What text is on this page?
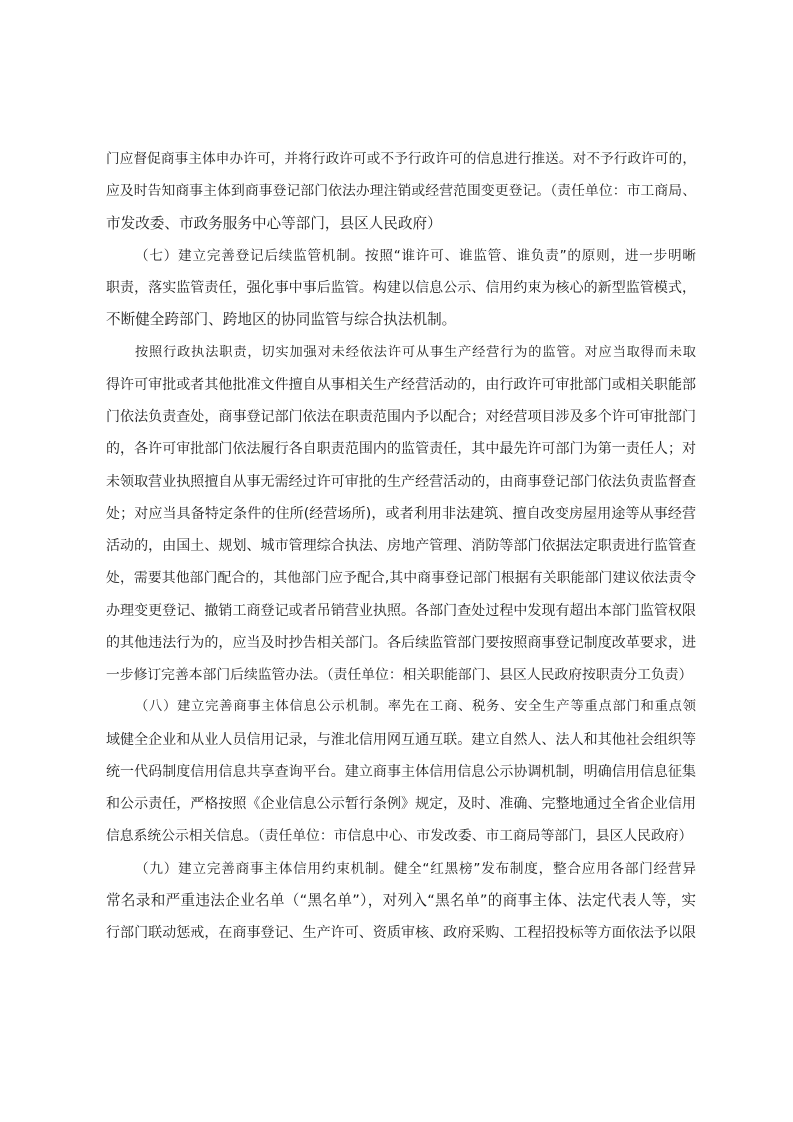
门应督促商事主体申办许可，并将行政许可或不予行政许可的信息进行推送。对不予行政许可的，
应及时告知商事主体到商事登记部门依法办理注销或经营范围变更登记。（责任单位：市工商局、
市发改委、市政务服务中心等部门，县区人民政府）
（七）建立完善登记后续监管机制。按照“谁许可、谁监管、谁负责”的原则，进一步明晰
职责，落实监管责任，强化事中事后监管。构建以信息公示、信用约束为核心的新型监管模式，
不断健全跨部门、跨地区的协同监管与综合执法机制。
按照行政执法职责，切实加强对未经依法许可从事生产经营行为的监管。对应当取得而未取
得许可审批或者其他批准文件擅自从事相关生产经营活动的，由行政许可审批部门或相关职能部
门依法负责查处，商事登记部门依法在职责范围内予以配合；对经营项目涉及多个许可审批部门
的，各许可审批部门依法履行各自职责范围内的监管责任，其中最先许可部门为第一责任人；对
未领取营业执照擅自从事无需经过许可审批的生产经营活动的，由商事登记部门依法负责监督查
处；对应当具备特定条件的住所(经营场所)，或者利用非法建筑、擅自改变房屋用途等从事经营
活动的，由国土、规划、城市管理综合执法、房地产管理、消防等部门依据法定职责进行监管查
处，需要其他部门配合的，其他部门应予配合,其中商事登记部门根据有关职能部门建议依法责令
办理变更登记、撤销工商登记或者吊销营业执照。各部门查处过程中发现有超出本部门监管权限
的其他违法行为的，应当及时抄告相关部门。各后续监管部门要按照商事登记制度改革要求，进
一步修订完善本部门后续监管办法。（责任单位：相关职能部门、县区人民政府按职责分工负责）
（八）建立完善商事主体信息公示机制。率先在工商、税务、安全生产等重点部门和重点领
域健全企业和从业人员信用记录，与淮北信用网互通互联。建立自然人、法人和其他社会组织等
统一代码制度信用信息共享查询平台。建立商事主体信用信息公示协调机制，明确信用信息征集
和公示责任，严格按照《企业信息公示暂行条例》规定，及时、准确、完整地通过全省企业信用
信息系统公示相关信息。（责任单位：市信息中心、市发改委、市工商局等部门，县区人民政府）
（九）建立完善商事主体信用约束机制。健全“红黑榜”发布制度，整合应用各部门经营异
常名录和严重违法企业名单（“黑名单”），对列入“黑名单”的商事主体、法定代表人等，实
行部门联动惩戒，在商事登记、生产许可、资质审核、政府采购、工程招投标等方面依法予以限
